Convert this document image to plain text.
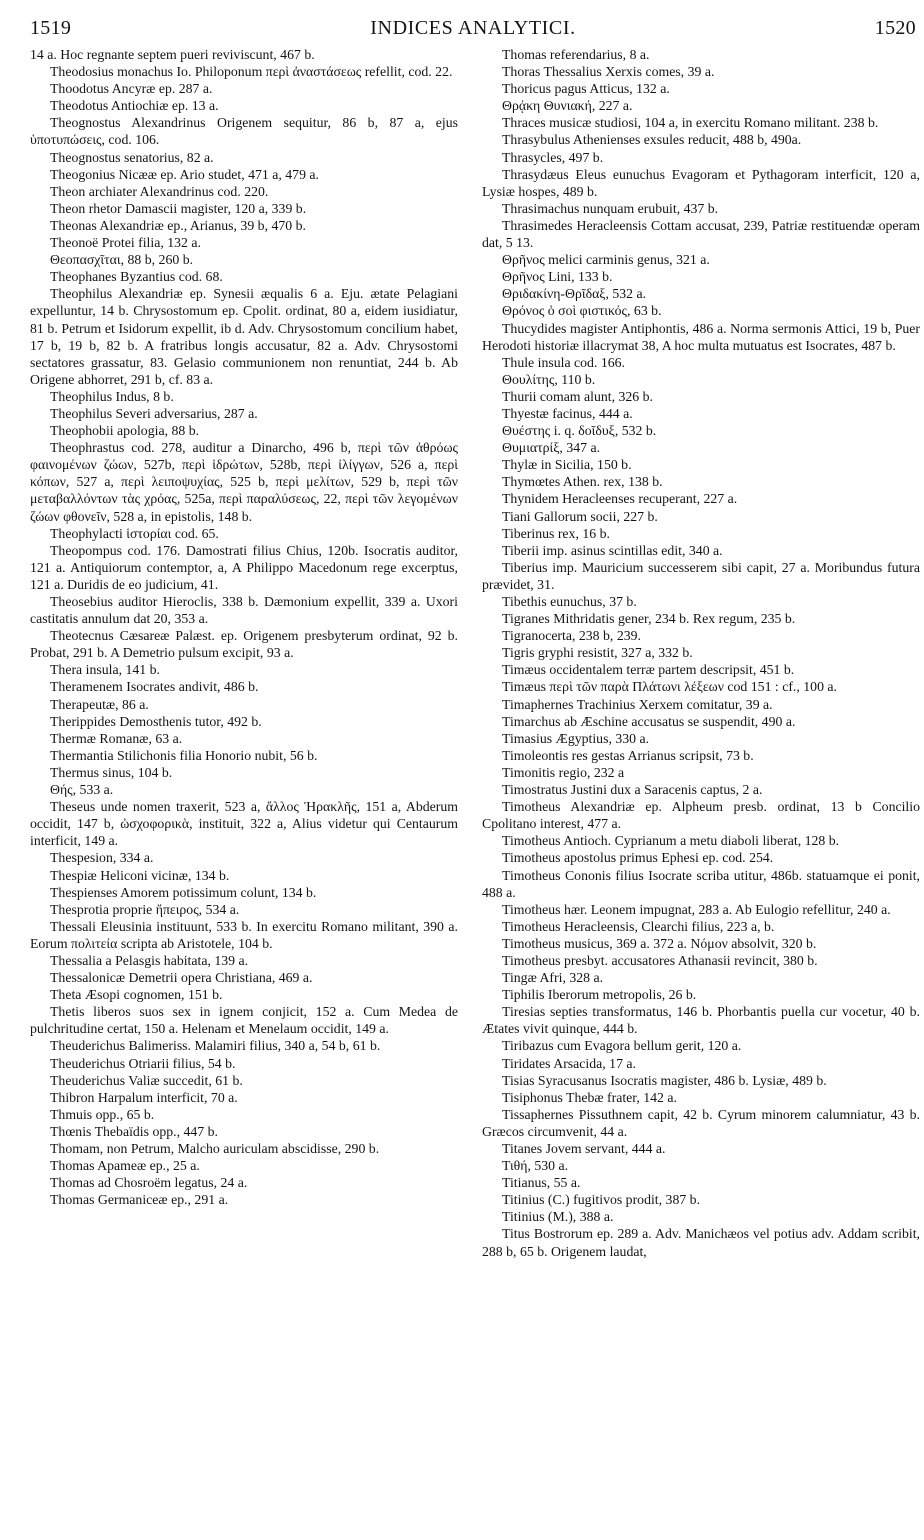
1519	INDICES ANALYTICI.	1520

14 a. Hoc regnante septem pueri reviviscunt, 467 b.

Theodosius monachus Io. Philoponum περὶ ἀναστάσεως refellit, cod. 22.

Thoodotus Ancyræ ep. 287 a.

Theodotus Antiochiæ ep. 13 a.

Theognostus Alexandrinus Origenem sequitur, 86 b, 87 a, ejus ὑποτυπώσεις, cod. 106.

Theognostus senatorius, 82 a.

Theogonius Nicææ ep. Ario studet, 471 a, 479 a.

Theon archiater Alexandrinus cod. 220.

Theon rhetor Damascii magister, 120 a, 339 b.

Theonas Alexandriæ ep., Arianus, 39 b, 470 b.

Theonoë Protei filia, 132 a.

Θεοπασχῖται, 88 b, 260 b.

Theophanes Byzantius cod. 68.

Theophilus Alexandriæ ep. Synesii æqualis 6 a. Eju. ætate Pelagiani expelluntur, 14 b. Chrysostomum ep. Cpolit. ordinat, 80 a, eidem iusidiatur, 81 b. Petrum et Isidorum expellit, ib d. Adv. Chrysostomum concilium habet, 17 b, 19 b, 82 b. A fratribus longis accusatur, 82 a. Adv. Chrysostomi sectatores grassatur, 83. Gelasio communionem non renuntiat, 244 b. Ab Origene abhorret, 291 b, cf. 83 a.

Theophilus Indus, 8 b.

Theophilus Severi adversarius, 287 a.

Theophobii apologia, 88 b.

Theophrastus cod. 278, auditur a Dinarcho, 496 b, περὶ τῶν ἀθρόως φαινομένων ζώων, 527b, περὶ ἱδρώτων, 528b, περὶ ἰλίγγων, 526 a, περὶ κόπων, 527 a, περὶ λειποψυχίας, 525 b, περὶ μελίτων, 529 b, περὶ τῶν μεταβαλλόντων τὰς χρόας, 525a, περὶ παραλύσεως, 22, περὶ τῶν λεγομένων ζώων φθονεῖν, 528 a, in epistolis, 148 b.

Theophylacti ἱστορίαι cod. 65.

Theopompus cod. 176. Damostrati filius Chius, 120b. Isocratis auditor, 121 a. Antiquiorum contemptor, a, A Philippo Macedonum rege excerptus, 121 a. Duridis de eo judicium, 41.

Theosebius auditor Hieroclis, 338 b. Dæmonium expellit, 339 a. Uxori castitatis annulum dat 20, 353 a.

Theotecnus Cæsareæ Palæst. ep. Origenem presbyterum ordinat, 92 b. Probat, 291 b. A Demetrio pulsum excipit, 93 a.

Thera insula, 141 b.

Theramenem Isocrates andivit, 486 b.

Therapeutæ, 86 a.

Therippides Demosthenis tutor, 492 b.

Thermæ Romanæ, 63 a.

Thermantia Stilichonis filia Honorio nubit, 56 b.

Thermus sinus, 104 b.

Θής, 533 a.

Theseus unde nomen traxerit, 523 a, ἄλλος Ἡρακλῆς, 151 a, Abderum occidit, 147 b, ὠσχοφορικὰ, instituit, 322 a, Alius videtur qui Centaurum interficit, 149 a.

Thespesion, 334 a.

Thespiæ Heliconi vicinæ, 134 b.

Thespienses Amorem potissimum colunt, 134 b.

Thesprotia proprie ἤπειρος, 534 a.

Thessali Eleusinia instituunt, 533 b. In exercitu Romano militant, 390 a. Eorum πολιτεία scripta ab Aristotele, 104 b.

Thessalia a Pelasgis habitata, 139 a.

Thessalonicæ Demetrii opera Christiana, 469 a.

Theta Æsopi cognomen, 151 b.

Thetis liberos suos sex in ignem conjicit, 152 a. Cum Medea de pulchritudine certat, 150 a. Helenam et Menelaum occidit, 149 a.

Theuderichus Balimeriss. Malamiri filius, 340 a, 54 b, 61 b.

Theuderichus Otriarii filius, 54 b.

Theuderichus Valiæ succedit, 61 b.

Thibron Harpalum interficit, 70 a.

Thmuis opp., 65 b.

Thœnis Thebaïdis opp., 447 b.

Thomam, non Petrum, Malcho auriculam abscidisse, 290 b.

Thomas Apameæ ep., 25 a.

Thomas ad Chosroëm legatus, 24 a.

Thomas Germaniceæ ep., 291 a.

Thomas referendarius, 8 a.

Thoras Thessalius Xerxis comes, 39 a.

Thoricus pagus Atticus, 132 a.

Θρᾴκη Θυνιακή, 227 a.

Thraces musicæ studiosi, 104 a, in exercitu Romano militant. 238 b.

Thrasybulus Athenienses exsules reducit, 488 b, 490a.

Thrasycles, 497 b.

Thrasydæus Eleus eunuchus Evagoram et Pythagoram interficit, 120 a, Lysiæ hospes, 489 b.

Thrasimachus nunquam erubuit, 437 b.

Thrasimedes Heracleensis Cottam accusat, 239, Patriæ restituendæ operam dat, 5 13.

Θρῆνος melici carminis genus, 321 a.

Θρῆνος Lini, 133 b.

Θριδακίνη-Θρῖδαξ, 532 a.

Θρόνος ὁ σοὶ φιστικός, 63 b.

Thucydides magister Antiphontis, 486 a. Norma sermonis Attici, 19 b, Puer Herodoti historiæ illacrymat 38, A hoc multa mutuatus est Isocrates, 487 b.

Thule insula cod. 166.

Θουλίτης, 110 b.

Thurii comam alunt, 326 b.

Thyestæ facinus, 444 a.

Θυέστης i. q. δοῖδυξ, 532 b.

Θυμιατρίξ, 347 a.

Thylæ in Sicilia, 150 b.

Thymœtes Athen. rex, 138 b.

Thynidem Heracleenses recuperant, 227 a.

Tiani Gallorum socii, 227 b.

Tiberinus rex, 16 b.

Tiberii imp. asinus scintillas edit, 340 a.

Tiberius imp. Mauricium successerem sibi capit, 27 a. Moribundus futura prævidet, 31.

Tibethis eunuchus, 37 b.

Tigranes Mithridatis gener, 234 b. Rex regum, 235 b.

Tigranocerta, 238 b, 239.

Tigris gryphi resistit, 327 a, 332 b.

Timæus occidentalem terræ partem descripsit, 451 b.

Timæus περὶ τῶν παρὰ Πλάτωνι λέξεων cod 151 : cf., 100 a.

Timaphernes Trachinius Xerxem comitatur, 39 a.

Timarchus ab Æschine accusatus se suspendit, 490 a.

Timasius Ægyptius, 330 a.

Timoleontis res gestas Arrianus scripsit, 73 b.

Timonitis regio, 232 a

Timostratus Justini dux a Saracenis captus, 2 a.

Timotheus Alexandriæ ep. Alpheum presb. ordinat, 13 b Concilio Cpolitano interest, 477 a.

Timotheus Antioch. Cyprianum a metu diaboli liberat, 128 b.

Timotheus apostolus primus Ephesi ep. cod. 254.

Timotheus Cononis filius Isocrate scriba utitur, 486b. statuamque ei ponit, 488 a.

Timotheus hær. Leonem impugnat, 283 a. Ab Eulogio refellitur, 240 a.

Timotheus Heracleensis, Clearchi filius, 223 a, b.

Timotheus musicus, 369 a. 372 a. Νόμον absolvit, 320 b.

Timotheus presbyt. accusatores Athanasii revincit, 380 b.

Tingæ Afri, 328 a.

Tiphilis Iberorum metropolis, 26 b.

Tiresias septies transformatus, 146 b. Phorbantis puella cur vocetur, 40 b. Ætates vivit quinque, 444 b.

Tiribazus cum Evagora bellum gerit, 120 a.

Tiridates Arsacida, 17 a.

Tisias Syracusanus Isocratis magister, 486 b. Lysiæ, 489 b.

Tisiphonus Thebæ frater, 142 a.

Tissaphernes Pissuthnem capit, 42 b. Cyrum minorem calumniatur, 43 b. Græcos circumvenit, 44 a.

Titanes Jovem servant, 444 a.

Τιθή, 530 a.

Titianus, 55 a.

Titinius (C.) fugitivos prodit, 387 b.

Titinius (M.), 388 a.

Titus Bostrorum ep. 289 a. Adv. Manichæos vel potius adv. Addam scribit, 288 b, 65 b. Origenem laudat,
